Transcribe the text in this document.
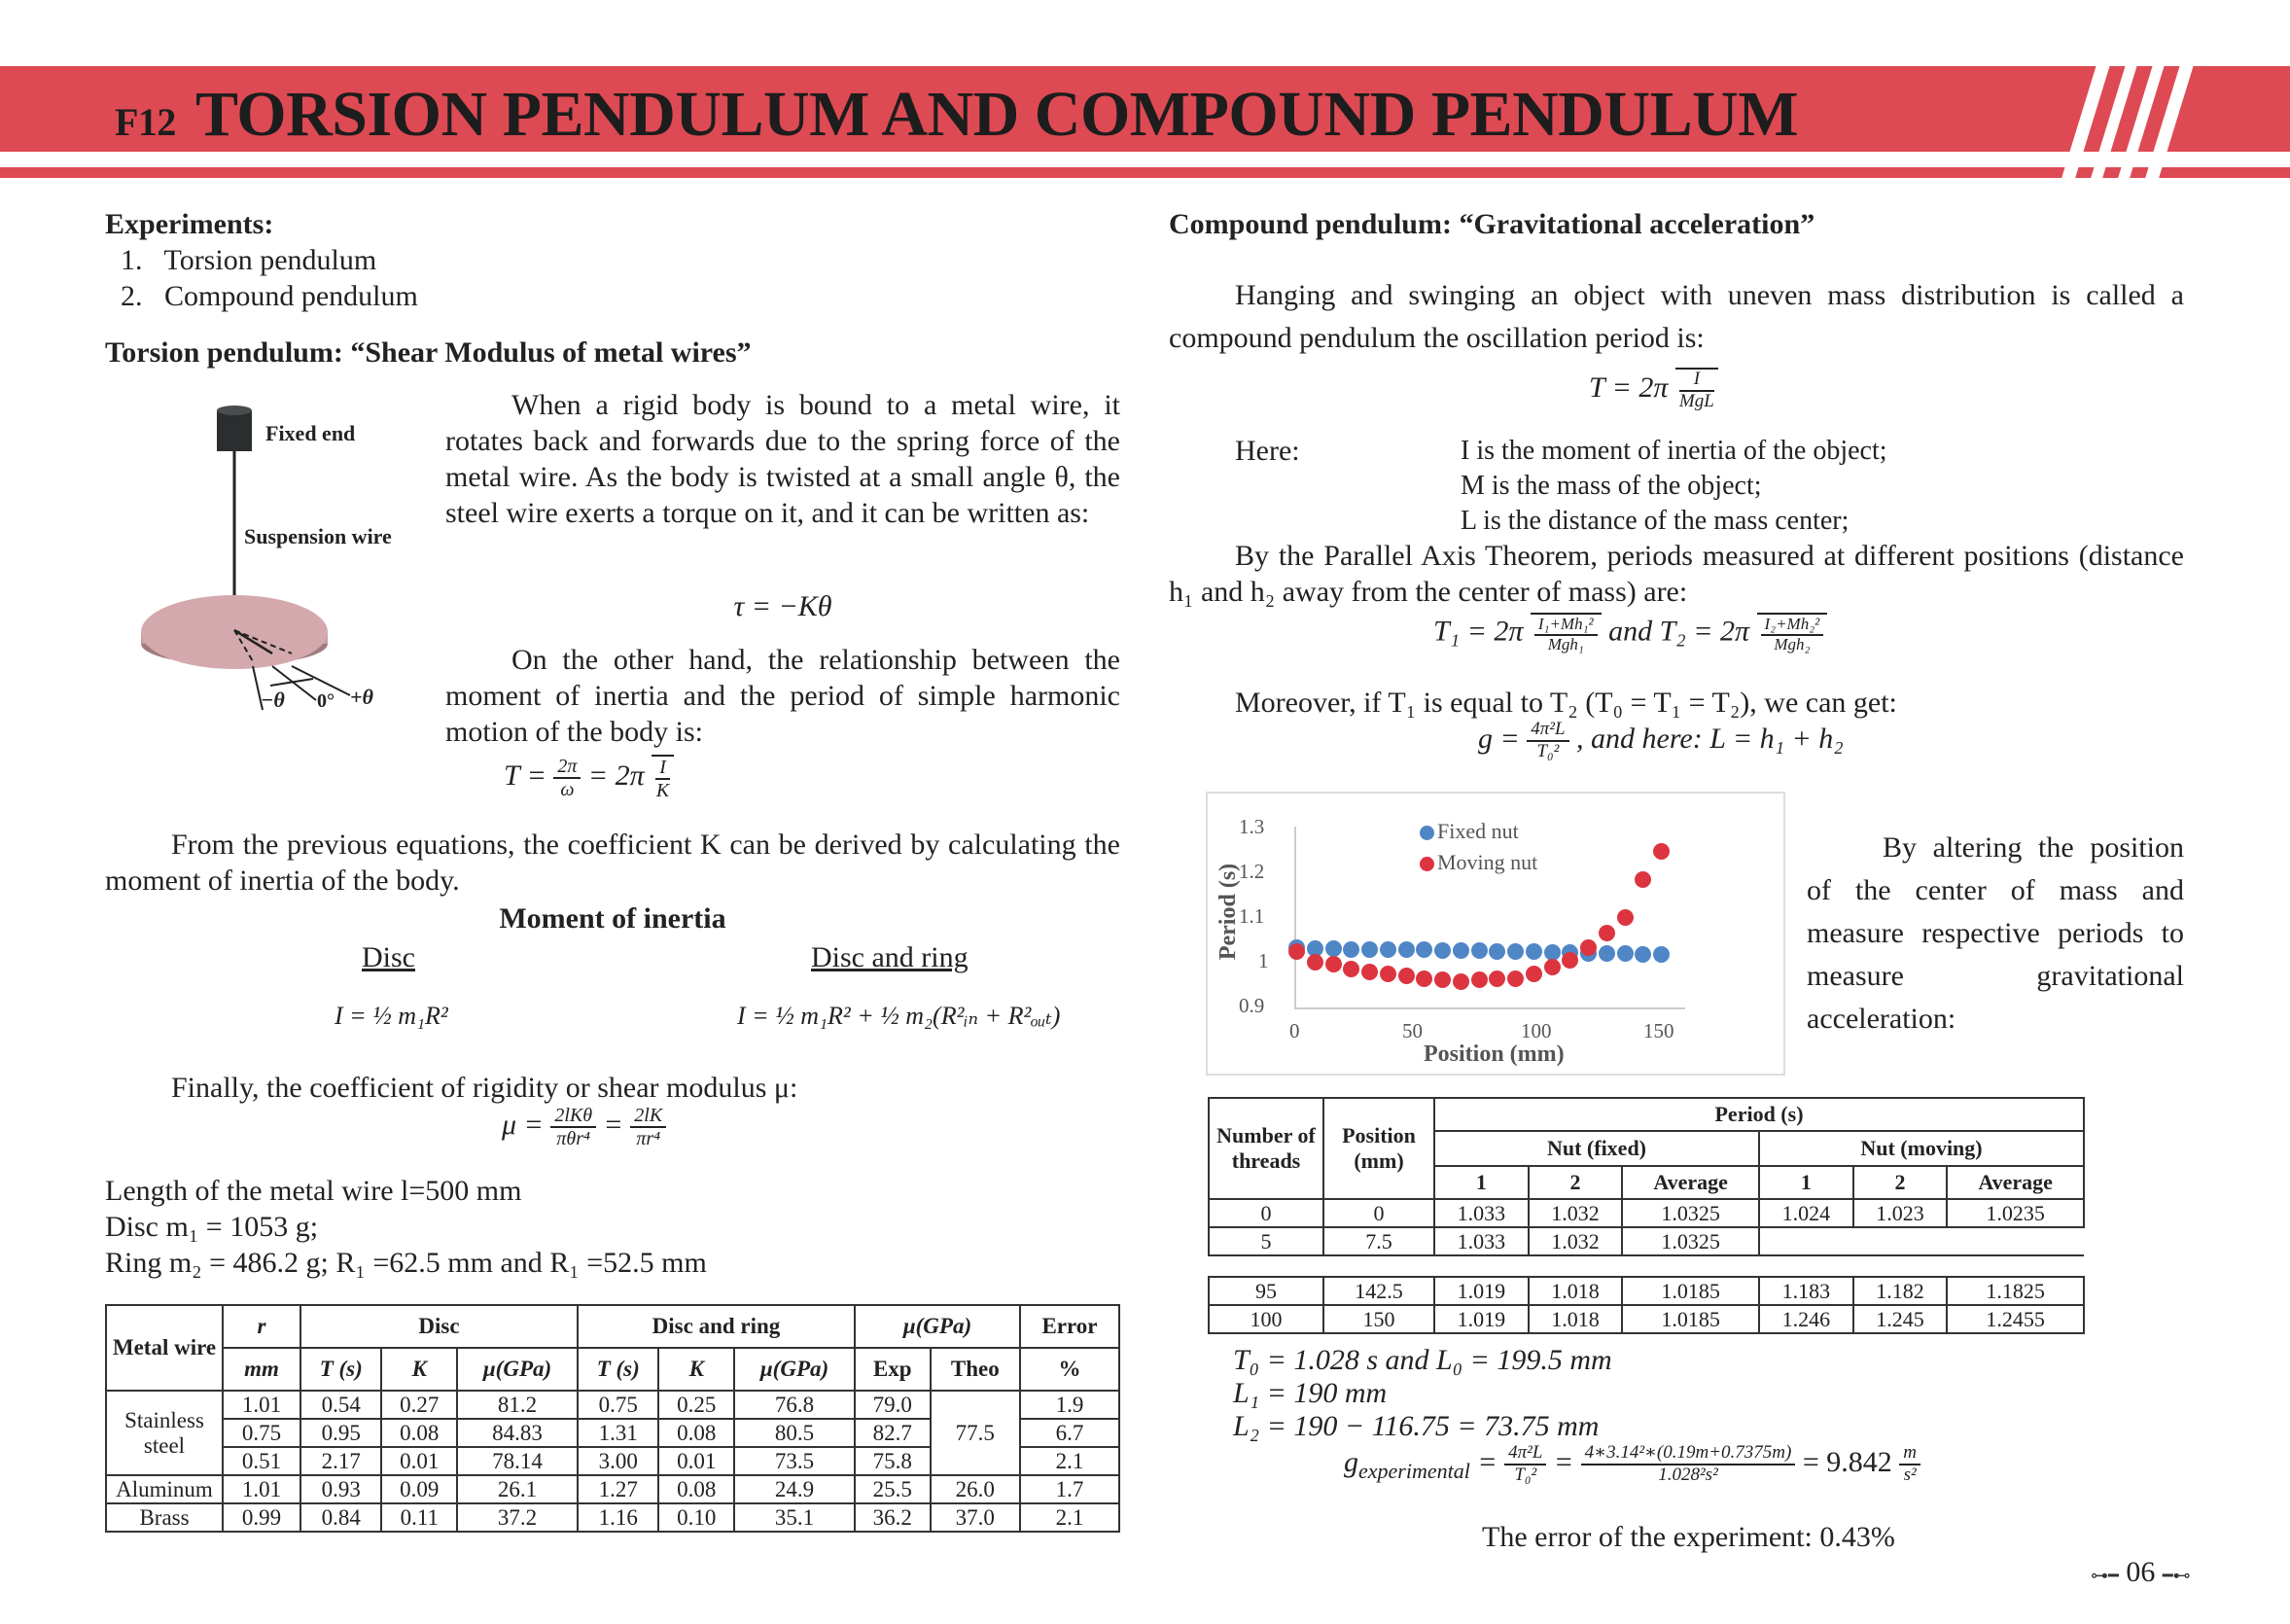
F12 TORSION PENDULUM AND COMPOUND PENDULUM
Experiments:
1.   Torsion pendulum
2.   Compound pendulum
Torsion pendulum: “Shear Modulus of metal wires”
Fixed end
Suspension wire
−θ 0° +θ
When a rigid body is bound to a metal wire, it rotates back and forwards due to the spring force of the metal wire. As the body is twisted at a small angle θ, the steel wire exerts a torque on it, and it can be written as:
τ = −Kθ
On the other hand, the relationship between the moment of inertia and the period of simple harmonic motion of the body is:
$T = \frac{2\pi}{\omega} = 2\pi \frac{I}{K}$
From the previous equations, the coefficient K can be derived by calculating the moment of inertia of the body.
Moment of inertia
Disc	Disc and ring
I = ½ m₁R²	I = ½ m₁R² + ½ m₂(R²ᵢₙ + R²ₒᵤₜ)
Finally, the coefficient of rigidity or shear modulus μ:
$\mu = \frac{\text{2lKθ}}{\text{πθr⁴}} = \frac{2lK}{\text{πr⁴}}$
Length of the metal wire l=500 mm
Disc m₁ = 1053 g;
Ring m₂ = 486.2 g; R₁ =62.5 mm and R₁ =52.5 mm
Metal wire	r	Disc			Disc and ring			μ(GPa)		Error
	mm	T (s)	K	μ(GPa)	T (s)	K	μ(GPa)	Exp	Theo	%
Stainless steel	1.01	0.54	0.27	81.2	0.75	0.25	76.8	79.0	77.5	1.9
	0.75	0.95	0.08	84.83	1.31	0.08	80.5	82.7		6.7
	0.51	2.17	0.01	78.14	3.00	0.01	73.5	75.8		2.1
Aluminum	1.01	0.93	0.09	26.1	1.27	0.08	24.9	25.5	26.0	1.7
Brass	0.99	0.84	0.11	37.2	1.16	0.10	35.1	36.2	37.0	2.1
Compound pendulum: “Gravitational acceleration”
Hanging and swinging an object with uneven mass distribution is called a compound pendulum the oscillation period is:
$T = 2\pi \frac{I}{\text{MgL}}$
Here:	I is the moment of inertia of the object;
M is the mass of the object;
L is the distance of the mass center;
By the Parallel Axis Theorem, periods measured at different positions (distance h₁ and h₂ away from the center of mass) are:
$T_1 = 2\pi \frac{\text{I₁+Mh₁²}}{\text{Mgh₁}}$ and $T_2 = 2\pi \frac{\text{I₂+Mh₂²}}{\text{Mgh₂}}$
Moreover, if T₁ is equal to T₂ (T₀ = T₁ = T₂), we can get:
$g = \frac{\text{4π²L}}{\text{T₀²}}$ , and here: L = h₁ + h₂
1.3
1.2
1.1
1
0.9
0	50	100	150
Position (mm)
Period (s)
Fixed nut
Moving nut	By altering the position of the center of mass and measure respective periods to measure gravitational acceleration:
Number of threads	Position (mm)	Period (s)					
		Nut (fixed)			Nut (moving)		
		1	2	Average	1	2	Average
0	0	1.033	1.032	1.0325	1.024	1.023	1.0235
5	7.5	1.033	1.032	1.0325			

95	142.5	1.019	1.018	1.0185	1.183	1.182	1.1825
100	150	1.019	1.018	1.0185	1.246	1.245	1.2455
T₀ = 1.028 s and L₀ = 199.5 mm
L₁ = 190 mm
L₂ = 190 − 116.75 = 73.75 mm
$g_{experimental} = \frac{\text{4π²L}}{\text{T₀²}} = \frac{\text{4∗3.14²∗(0.19m+0.7375m)}}{\text{1.028²s²}} = 9.842 \frac{m}{\text{s²}}$
The error of the experiment: 0.43%
⊶━ 06 ━⊷
